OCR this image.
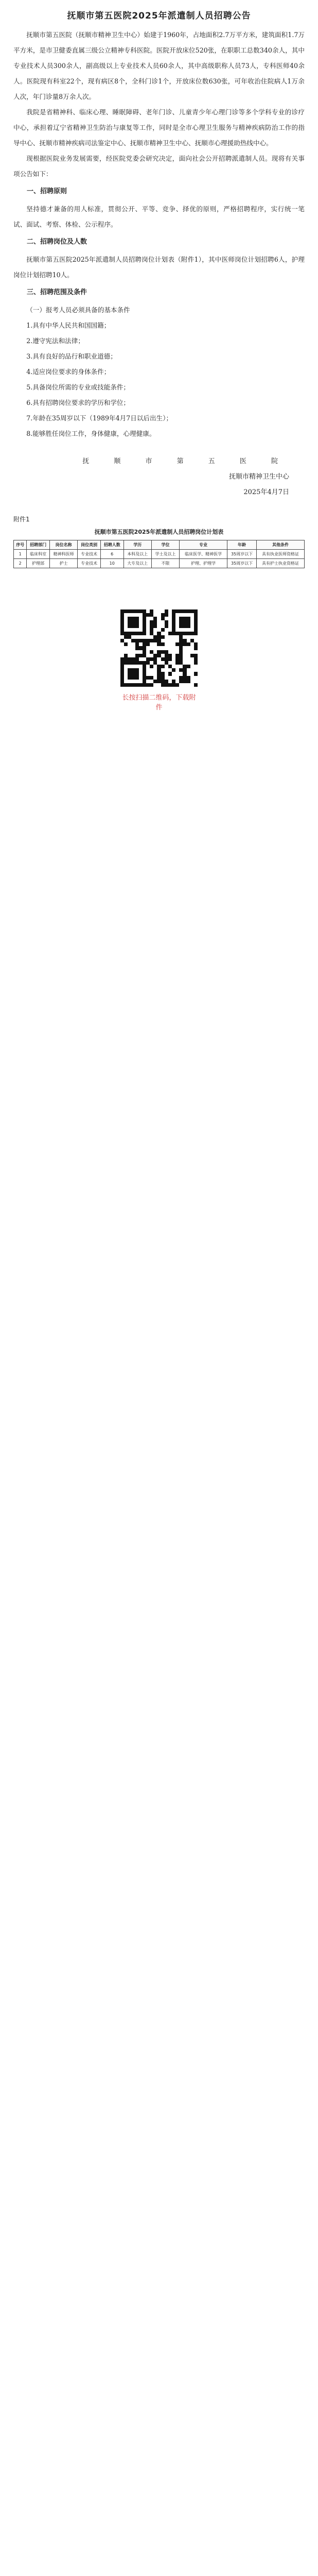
抚顺市第五医院2025年派遣制人员招聘公告

抚顺市第五医院（抚顺市精神卫生中心）始建于1960年，占地面积2.7万平方米，建筑面积1.7万平方米，是市卫健委直属三级公立精神专科医院。医院开放床位520张，在职职工总数340余人，其中专业技术人员300余人，副高级以上专业技术人员60余人，其中高级职称人员73人，专科医师40余人。医院现有科室22个，现有病区8个，全科门诊1个，开放床位数630张，可年收治住院病人1万余人次，年门诊量8万余人次。

我院是省精神科、临床心理、睡眠障碍、老年门诊、儿童青少年心理门诊等多个学科专业的诊疗中心，承担着辽宁省精神卫生防治与康复等工作，同时是全市心理卫生服务与精神疾病防治工作的指导中心、抚顺市精神疾病司法鉴定中心、抚顺市精神卫生中心、抚顺市心理援助热线中心。

现根据医院业务发展需要，经医院党委会研究决定，面向社会公开招聘派遣制人员。现将有关事项公告如下：

一、招聘原则

坚持德才兼备的用人标准，贯彻公开、平等、竞争、择优的原则，严格招聘程序，实行统一笔试、面试、考察、体检、公示程序。

二、招聘岗位及人数

抚顺市第五医院2025年派遣制人员招聘岗位计划表（附件1），其中医师岗位计划招聘6人，护理岗位计划招聘10人。

三、招聘范围及条件

（一）报考人员必须具备的基本条件

1.具有中华人民共和国国籍；

2.遵守宪法和法律；

3.具有良好的品行和职业道德；

4.适应岗位要求的身体条件；

5.具备岗位所需的专业或技能条件；

6.具有招聘岗位要求的学历和学位；

7.年龄在35周岁以下（1989年4月7日以后出生）；

8.能够胜任岗位工作，身体健康，心理健康。

抚 顺 市 第 五 医 院
抚顺市精神卫生中心
2025年4月7日
附件1
抚顺市第五医院2025年派遣制人员招聘岗位计划表
序号	招聘部门	岗位名称	岗位类别	招聘人数	学历	学位	专业	年龄	其他条件
1	临床科室	精神科医师	专业技术	6	本科及以上	学士及以上	临床医学、精神医学	35周岁以下	具有执业医师资格证
2	护理部	护士	专业技术	10	大专及以上	不限	护理、护理学	35周岁以下	具有护士执业资格证
长按扫描二维码，下载附件
